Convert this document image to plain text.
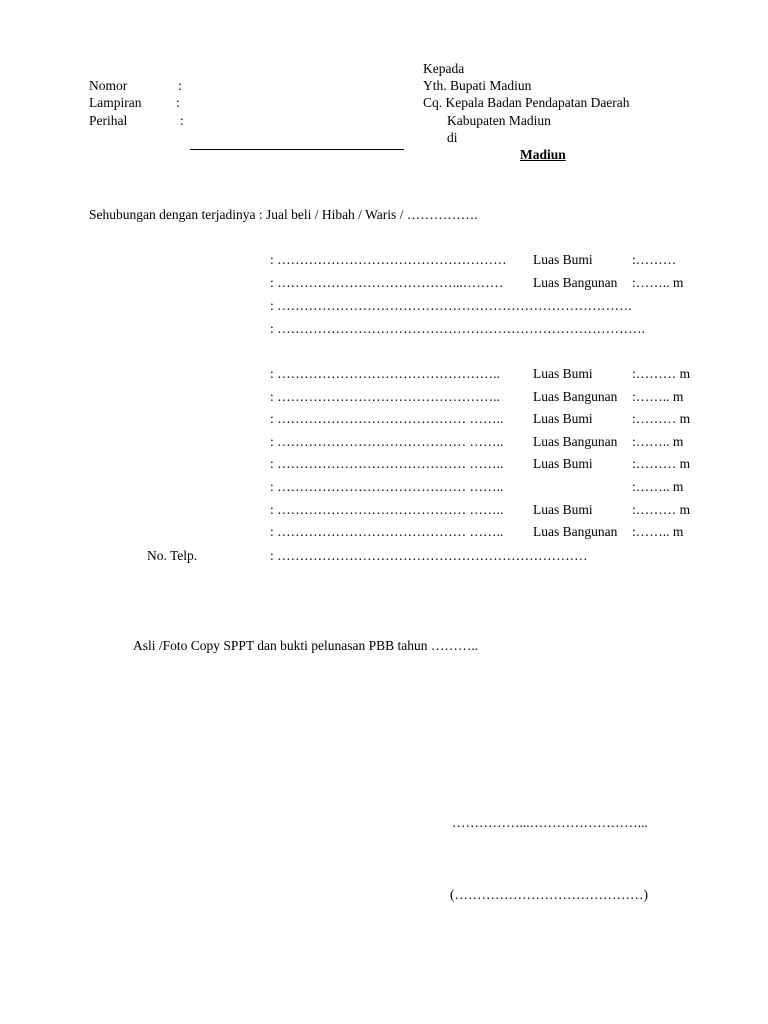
Kepada
Yth. Bupati Madiun
Cq. Kepala Badan Pendapatan Daerah
Kabupaten Madiun
di
Madiun
Nomor	:
Lampiran	:
Perihal	:
Sehubungan dengan terjadinya : Jual beli / Hibah / Waris / …………….
: …………………………………………… Luas Bumi	:………
: …………………………………...……… Luas Bangunan :…….. m
: …………………………………………………………………….
: ……………………………………………………………………….
: ………………………………………….. Luas Bumi	:……… m
: ………………………………………….. Luas Bangunan :…….. m
: …………………………………… …….. Luas Bumi	:……… m
: …………………………………… …….. Luas Bangunan :…….. m
: …………………………………… …….. Luas Bumi	:……… m
: …………………………………… ……..	:…….. m
: …………………………………… …….. Luas Bumi	:……… m
: …………………………………… …….. Luas Bangunan :…….. m
No. Telp.	: ……………………………………………………………
Asli /Foto Copy SPPT dan bukti pelunasan PBB tahun ………..
……………...……………………...
(……………………………………)
